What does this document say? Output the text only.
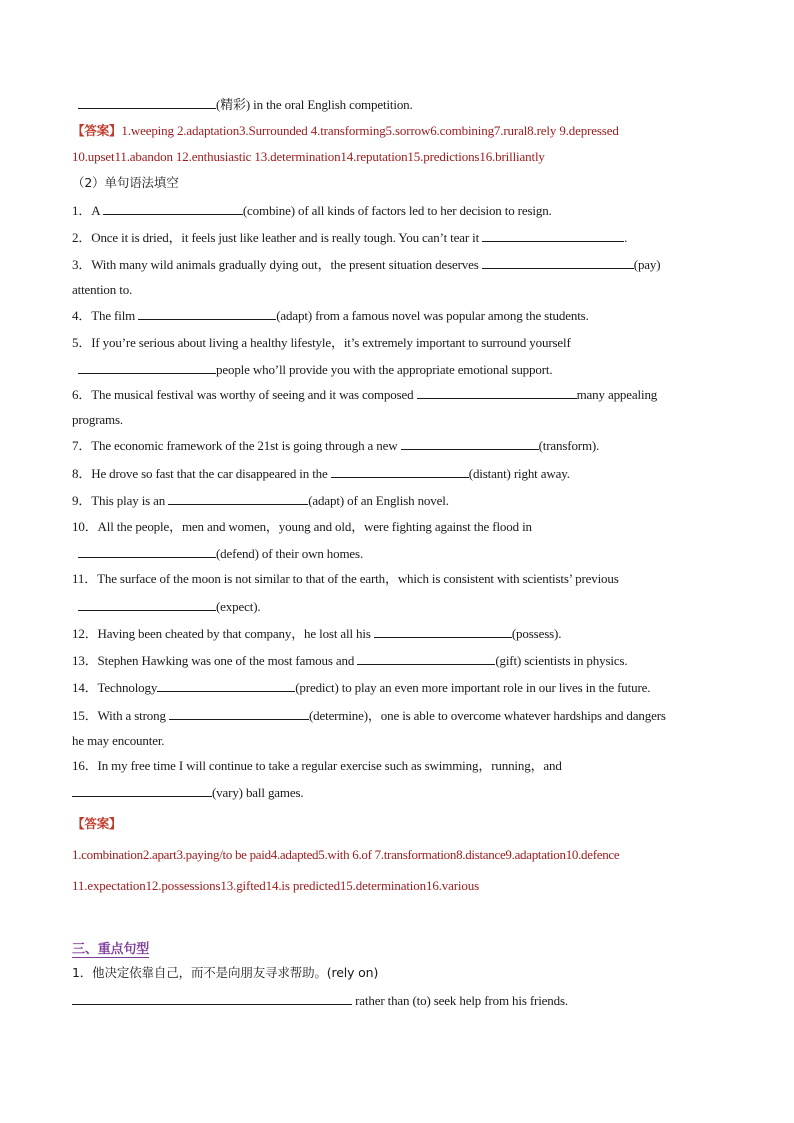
(精彩) in the oral English competition.
【答案】1.weeping 2.adaptation3.Surrounded 4.transforming5.sorrow6.combining7.rural8.rely 9.depressed
10.upset11.abandon 12.enthusiastic 13.determination14.reputation15.predictions16.brilliantly
（2）单句语法填空
1．A	(combine) of all kinds of factors led to her decision to resign.
2．Once it is dried，it feels just like leather and is really tough. You can’t tear it	.
3．With many wild animals gradually dying out，the present situation deserves	(pay)
attention to.
4．The film	(adapt) from a famous novel was popular among the students.
5．If you’re serious about living a healthy lifestyle，it’s extremely important to surround yourself
people who’ll provide you with the appropriate emotional support.
6．The musical festival was worthy of seeing and it was composed	many appealing
programs.
7．The economic framework of the 21st is going through a new	(transform).
8．He drove so fast that the car disappeared in the	(distant) right away.
9．This play is an	(adapt) of an English novel.
10．All the people，men and women，young and old，were fighting against the flood in
(defend) of their own homes.
11．The surface of the moon is not similar to that of the earth，which is consistent with scientists’ previous
(expect).
12．Having been cheated by that company，he lost all his	(possess).
13．Stephen Hawking was one of the most famous and	(gift) scientists in physics.
14．Technology	(predict) to play an even more important role in our lives in the future.
15．With a strong	(determine)，one is able to overcome whatever hardships and dangers
he may encounter.
16．In my free time I will continue to take a regular exercise such as swimming，running，and
(vary) ball games.
【答案】
1.combination2.apart3.paying/to be paid4.adapted5.with 6.of 7.transformation8.distance9.adaptation10.defence
11.expectation12.possessions13.gifted14.is predicted15.determination16.various
三、重点句型
1．他决定依靠自己，而不是向朋友寻求帮助。(rely on)
rather than (to) seek help from his friends.
